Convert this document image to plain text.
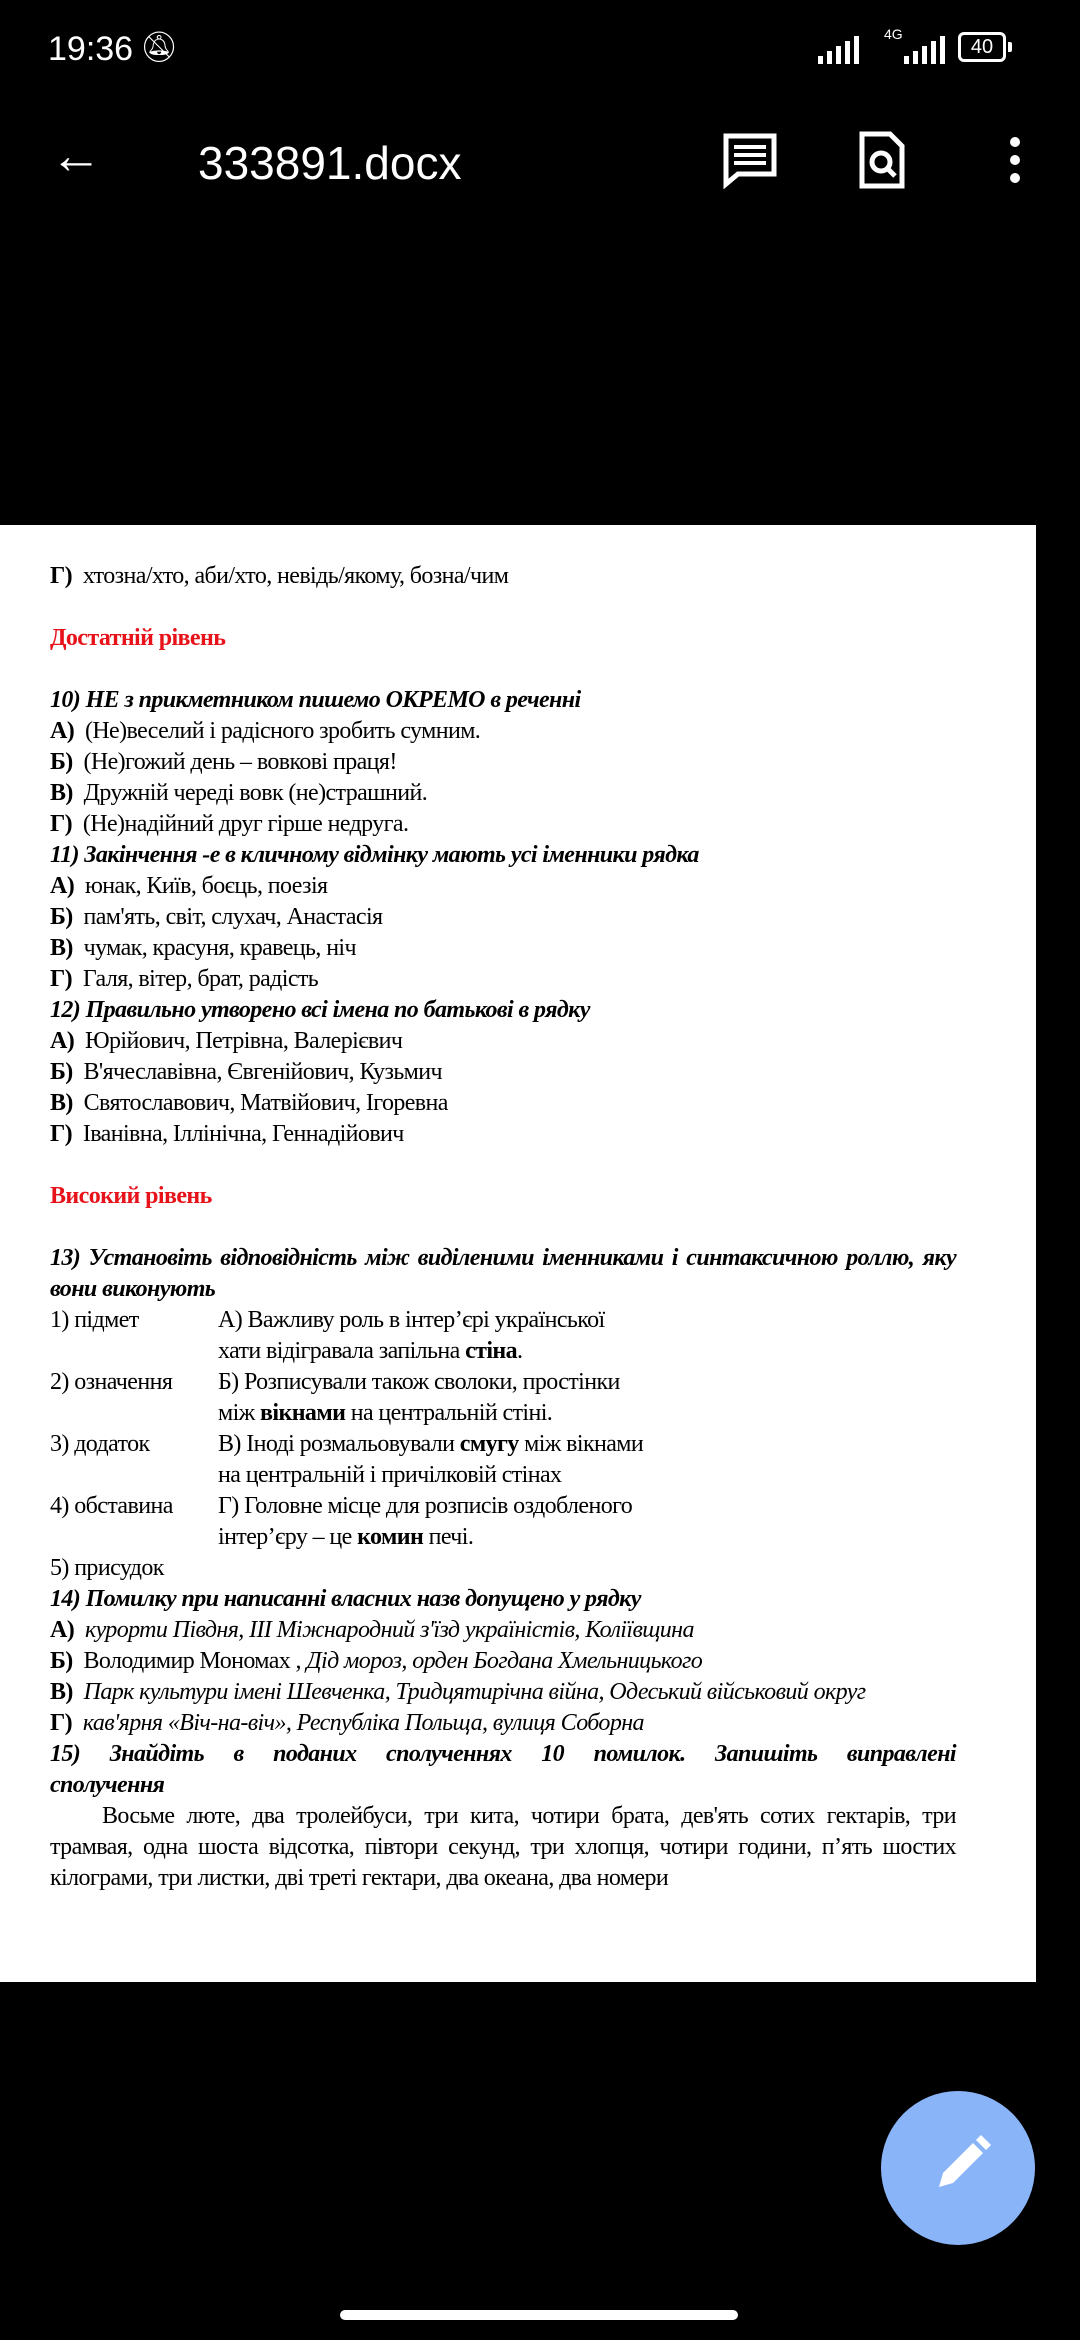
19:36 🔕︎	4G
40
← 333891.docx
Г) хтозна/хто, аби/хто, невідь/якому, бозна/чим
Достатній рівень
10) НЕ з прикметником пишемо ОКРЕМО в реченні
А) (Не)веселий і радісного зробить сумним.
Б) (Не)гожий день – вовкові праця!
В)  Дружній череді вовк (не)страшний.
Г)  (Не)надійний друг гірше недруга.
11) Закінчення -е в кличному відмінку мають усі іменники рядка
А) юнак, Київ, боєць, поезія
Б) пам'ять, світ, слухач, Анастасія
В) чумак, красуня, кравець, ніч
Г) Галя, вітер, брат, радість
12) Правильно утворено всі імена по батькові в рядку
А) Юрійович, Петрівна, Валерієвич
Б) В'ячеславівна, Євгенійович, Кузьмич
В) Святославович, Матвійович, Ігоревна
Г) Іванівна, Іллінічна, Геннадійович
Високий рівень
13) Установіть відповідність між виділеними іменниками і синтаксичною роллю, яку вони виконують
1) підмет	А) Важливу роль в інтер’єрі української
хати відігравала запільна стіна.
2) означення	Б) Розписували також сволоки, простінки
між вікнами на центральній стіні.
3) додаток	В) Іноді розмальовували смугу між вікнами
на центральній і причілковій стінах
4) обставина	Г) Головне місце для розписів оздобленого
інтер’єру – це комин печі.
5) присудок
14) Помилку при написанні власних назв допущено у рядку
А) курорти Півдня, ІІІ Міжнародний з'їзд україністів, Коліївщина
Б) Володимир Мономах , Дід мороз, орден Богдана Хмельницького
В) Парк культури імені Шевченка, Тридцятирічна війна, Одеський військовий округ
Г) кав'ярня «Віч-на-віч», Республіка Польща, вулиця Соборна
15) Знайдіть в поданих сполученнях 10 помилок. Запишіть виправлені сполучення
Восьме люте, два тролейбуси, три кита, чотири брата, дев'ять сотих гектарів, три трамвая, одна шоста відсотка, півтори секунд, три хлопця, чотири години, п’ять шостих кілограми, три листки, дві треті гектари, два океана, два номери
